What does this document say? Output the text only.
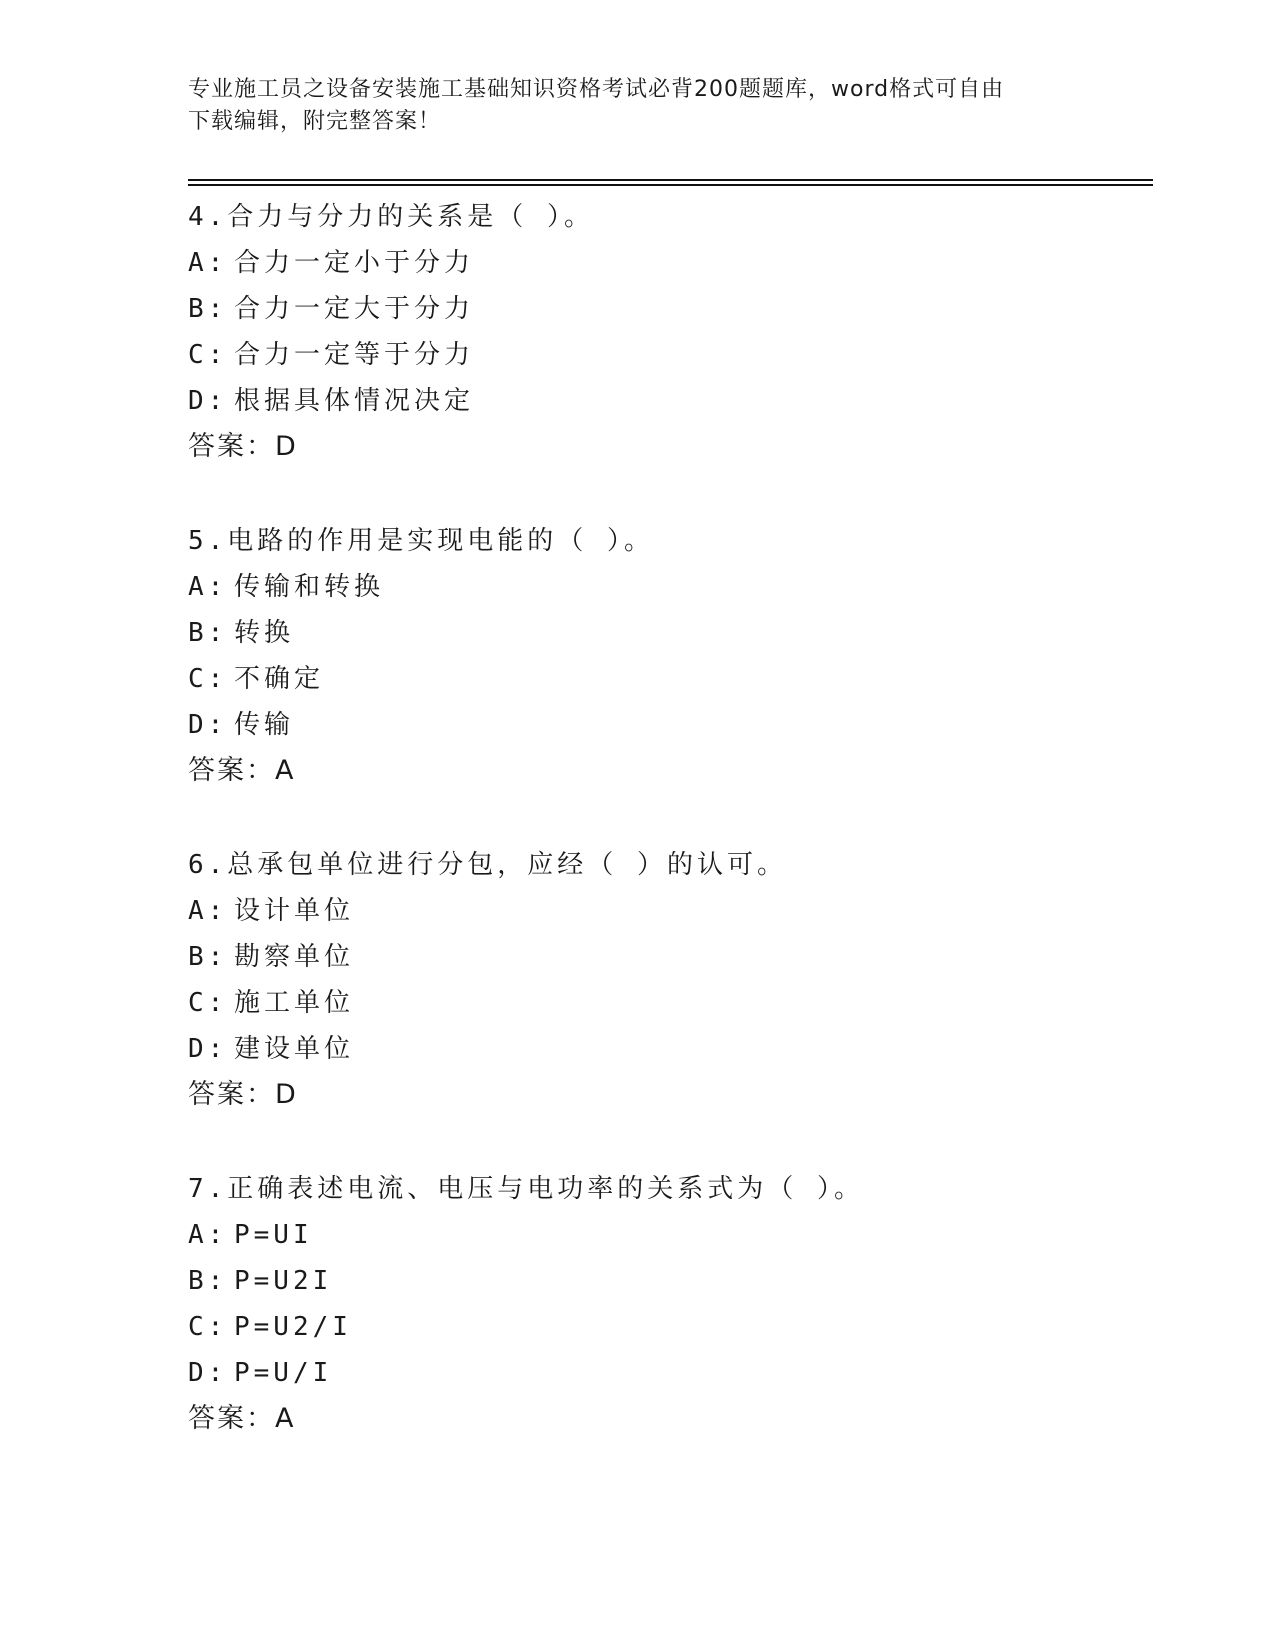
专业施工员之设备安装施工基础知识资格考试必背200题题库，word格式可自由
下载编辑，附完整答案！
4.合力与分力的关系是（ ）。
A: 合力一定小于分力
B: 合力一定大于分力
C: 合力一定等于分力
D: 根据具体情况决定
答案：D
5.电路的作用是实现电能的（ ）。
A: 传输和转换
B: 转换
C: 不确定
D: 传输
答案：A
6.总承包单位进行分包，应经（ ）的认可。
A: 设计单位
B: 勘察单位
C: 施工单位
D: 建设单位
答案：D
7.正确表述电流、电压与电功率的关系式为（ ）。
A: P=UI
B: P=U2I
C: P=U2/I
D: P=U/I
答案：A
